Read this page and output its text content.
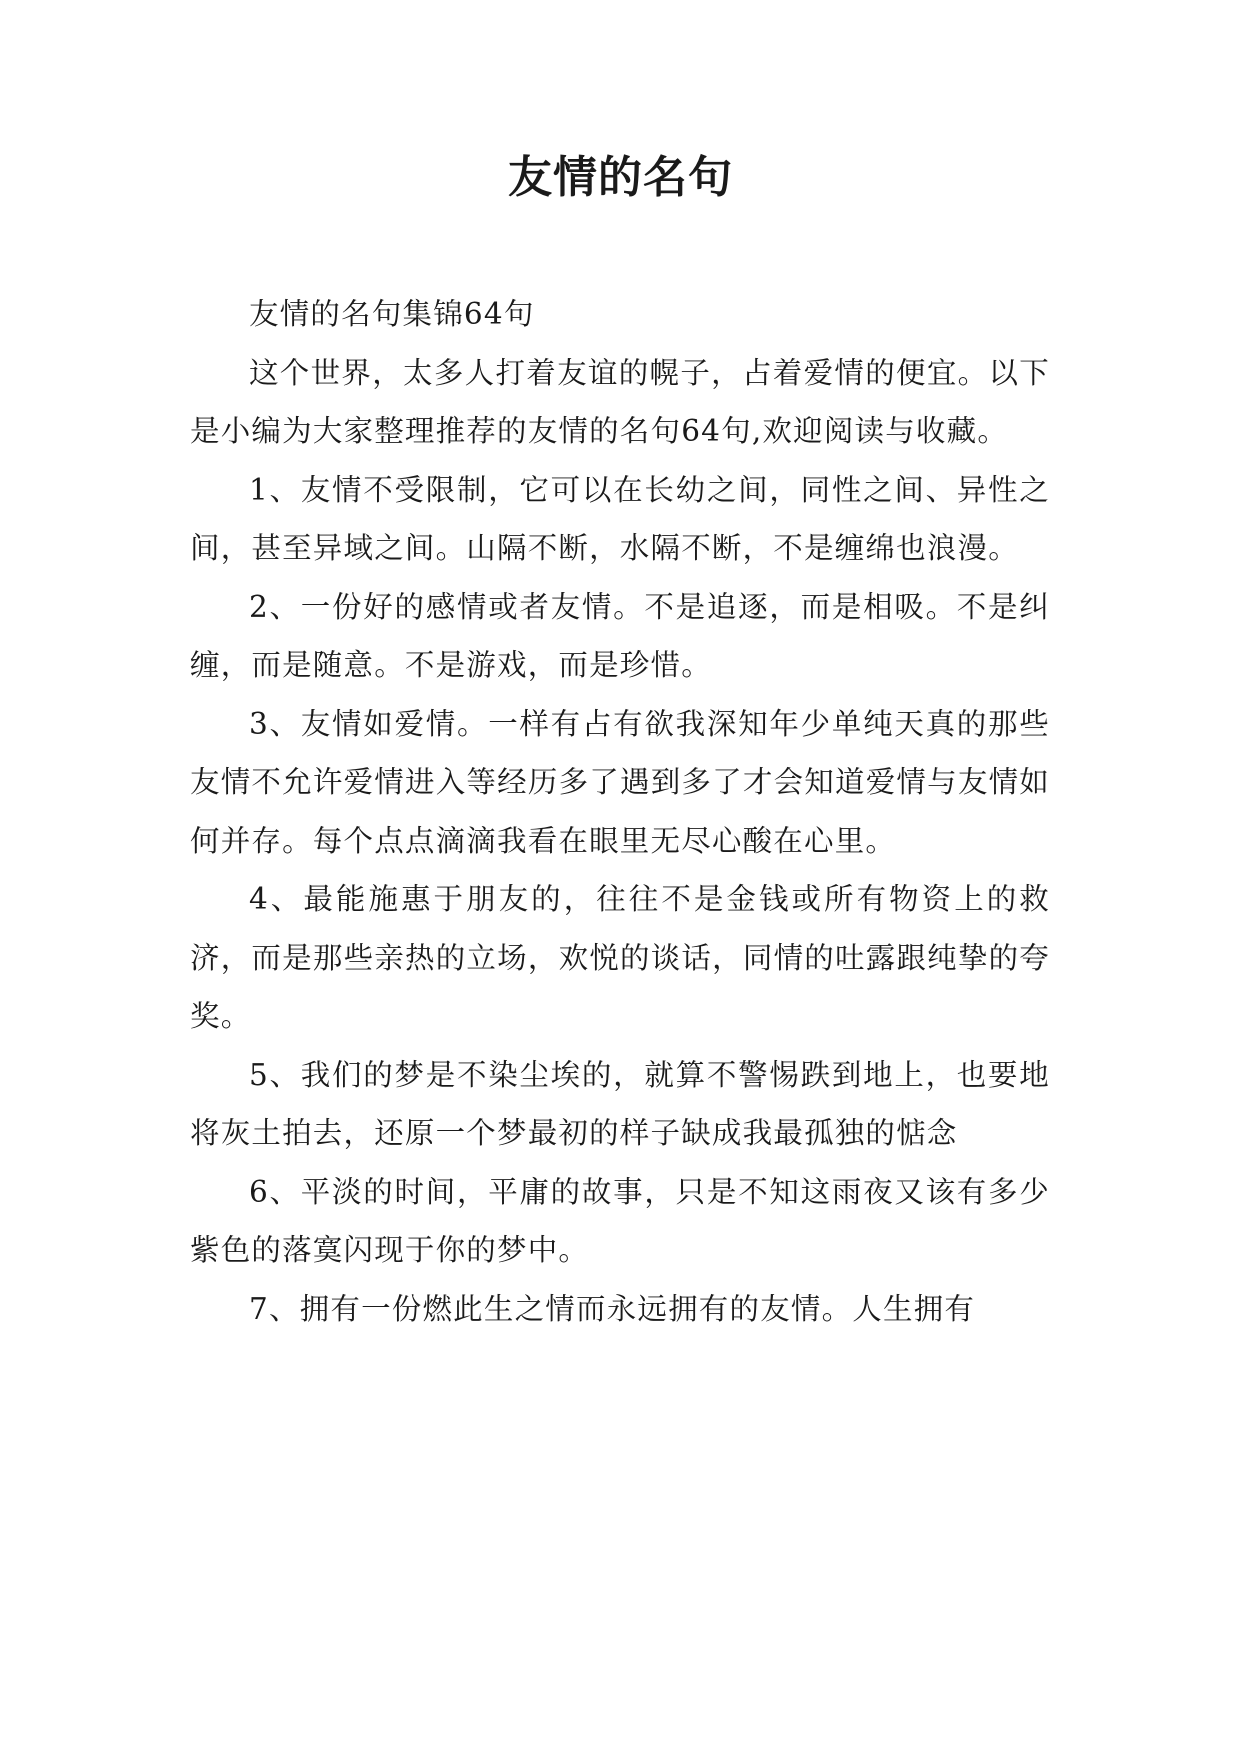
友情的名句

友情的名句集锦64句

这个世界，太多人打着友谊的幌子，占着爱情的便宜。以下是小编为大家整理推荐的友情的名句64句,欢迎阅读与收藏。

1、友情不受限制，它可以在长幼之间，同性之间、异性之间，甚至异域之间。山隔不断，水隔不断，不是缠绵也浪漫。

2、一份好的感情或者友情。不是追逐，而是相吸。不是纠缠，而是随意。不是游戏，而是珍惜。

3、友情如爱情。一样有占有欲我深知年少单纯天真的那些友情不允许爱情进入等经历多了遇到多了才会知道爱情与友情如何并存。每个点点滴滴我看在眼里无尽心酸在心里。

4、最能施惠于朋友的，往往不是金钱或所有物资上的救济，而是那些亲热的立场，欢悦的谈话，同情的吐露跟纯挚的夸奖。

5、我们的梦是不染尘埃的，就算不警惕跌到地上，也要地将灰土拍去，还原一个梦最初的样子缺成我最孤独的惦念

6、平淡的时间，平庸的故事，只是不知这雨夜又该有多少紫色的落寞闪现于你的梦中。

7、拥有一份燃此生之情而永远拥有的友情。人生拥有
